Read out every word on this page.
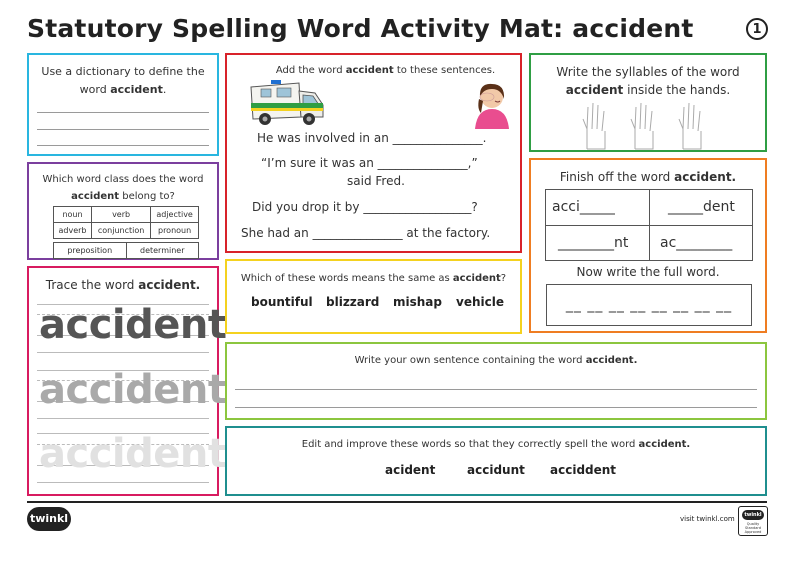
Statutory Spelling Word Activity Mat: accident	1
Use a dictionary to define the word accident.
Add the word accident to these sentences.
He was involved in an _______________.
“I’m sure it was an _______________,”
said Fred.
Did you drop it by __________________?
She had an _______________ at the factory.
Write the syllables of the word
accident inside the hands.
Which word class does the word
accident belong to?
noun	verb	adjective
adverb	conjunction	pronoun
preposition	determiner
Finish off the word accident.
acci_____	_____dent
________nt ac________
Now write the full word.
__ __ __ __ __ __ __ __
Trace the word accident.
accident
accident
accident
Which of these words means the same as accident?
bountiful blizzard mishap vehicle
Write your own sentence containing the word accident.
Edit and improve these words so that they correctly spell the word accident.
acident	accidunt acciddent
twinkl	visit twinkl.com	twinkl
Quality Standard Approved
